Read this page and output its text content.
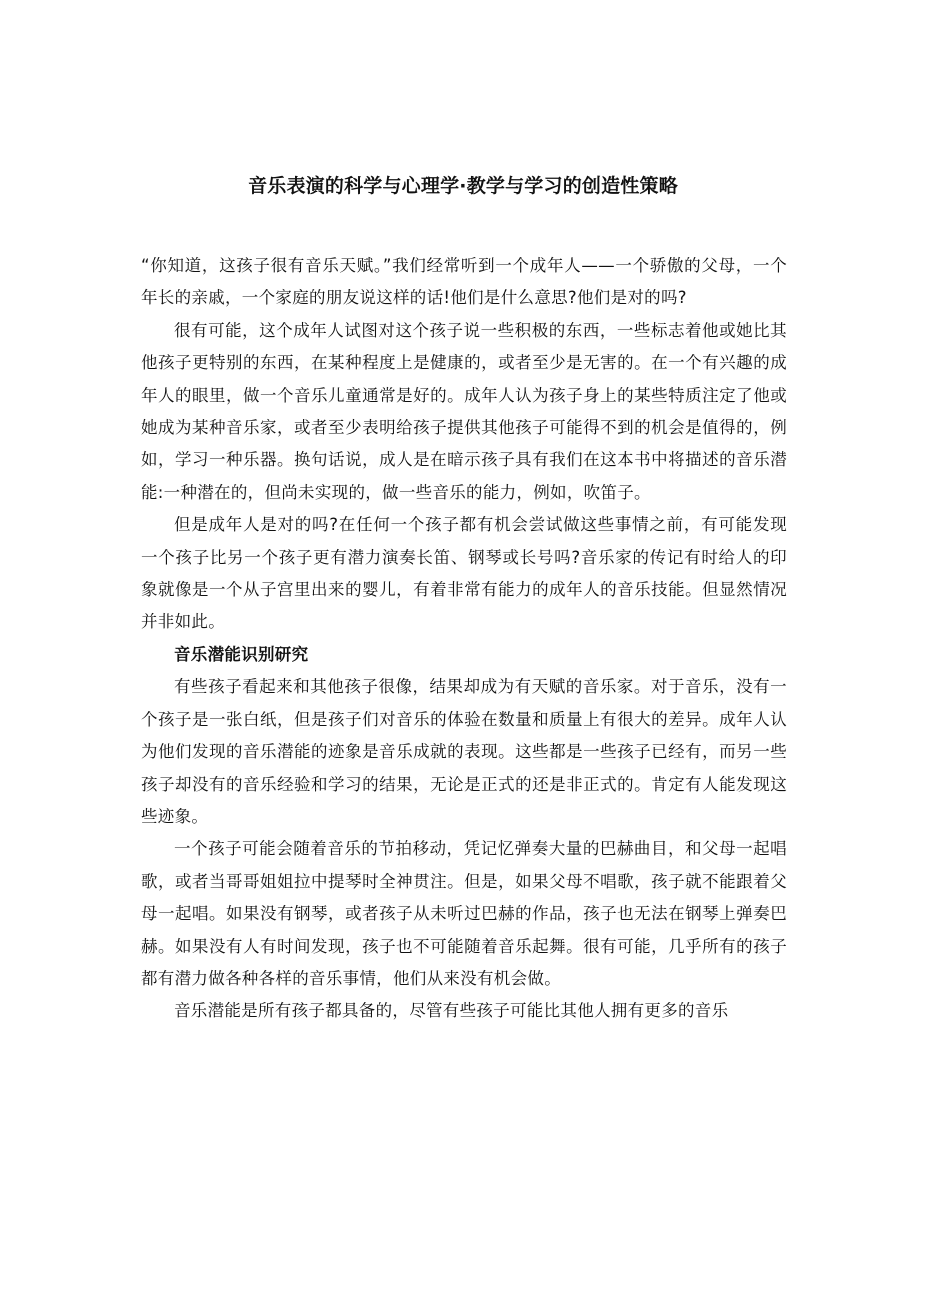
音乐表演的科学与心理学·教学与学习的创造性策略

“你知道，这孩子很有音乐天赋。”我们经常听到一个成年人——一个骄傲的父母，一个年长的亲戚，一个家庭的朋友说这样的话!他们是什么意思?他们是对的吗?

很有可能，这个成年人试图对这个孩子说一些积极的东西，一些标志着他或她比其他孩子更特别的东西，在某种程度上是健康的，或者至少是无害的。在一个有兴趣的成年人的眼里，做一个音乐儿童通常是好的。成年人认为孩子身上的某些特质注定了他或她成为某种音乐家，或者至少表明给孩子提供其他孩子可能得不到的机会是值得的，例如，学习一种乐器。换句话说，成人是在暗示孩子具有我们在这本书中将描述的音乐潜能:一种潜在的，但尚未实现的，做一些音乐的能力，例如，吹笛子。

但是成年人是对的吗?在任何一个孩子都有机会尝试做这些事情之前，有可能发现一个孩子比另一个孩子更有潜力演奏长笛、钢琴或长号吗?音乐家的传记有时给人的印象就像是一个从子宫里出来的婴儿，有着非常有能力的成年人的音乐技能。但显然情况并非如此。

音乐潜能识别研究

有些孩子看起来和其他孩子很像，结果却成为有天赋的音乐家。对于音乐，没有一个孩子是一张白纸，但是孩子们对音乐的体验在数量和质量上有很大的差异。成年人认为他们发现的音乐潜能的迹象是音乐成就的表现。这些都是一些孩子已经有，而另一些孩子却没有的音乐经验和学习的结果，无论是正式的还是非正式的。肯定有人能发现这些迹象。

一个孩子可能会随着音乐的节拍移动，凭记忆弹奏大量的巴赫曲目，和父母一起唱歌，或者当哥哥姐姐拉中提琴时全神贯注。但是，如果父母不唱歌，孩子就不能跟着父母一起唱。如果没有钢琴，或者孩子从未听过巴赫的作品，孩子也无法在钢琴上弹奏巴赫。如果没有人有时间发现，孩子也不可能随着音乐起舞。很有可能，几乎所有的孩子都有潜力做各种各样的音乐事情，他们从来没有机会做。

音乐潜能是所有孩子都具备的，尽管有些孩子可能比其他人拥有更多的音乐
